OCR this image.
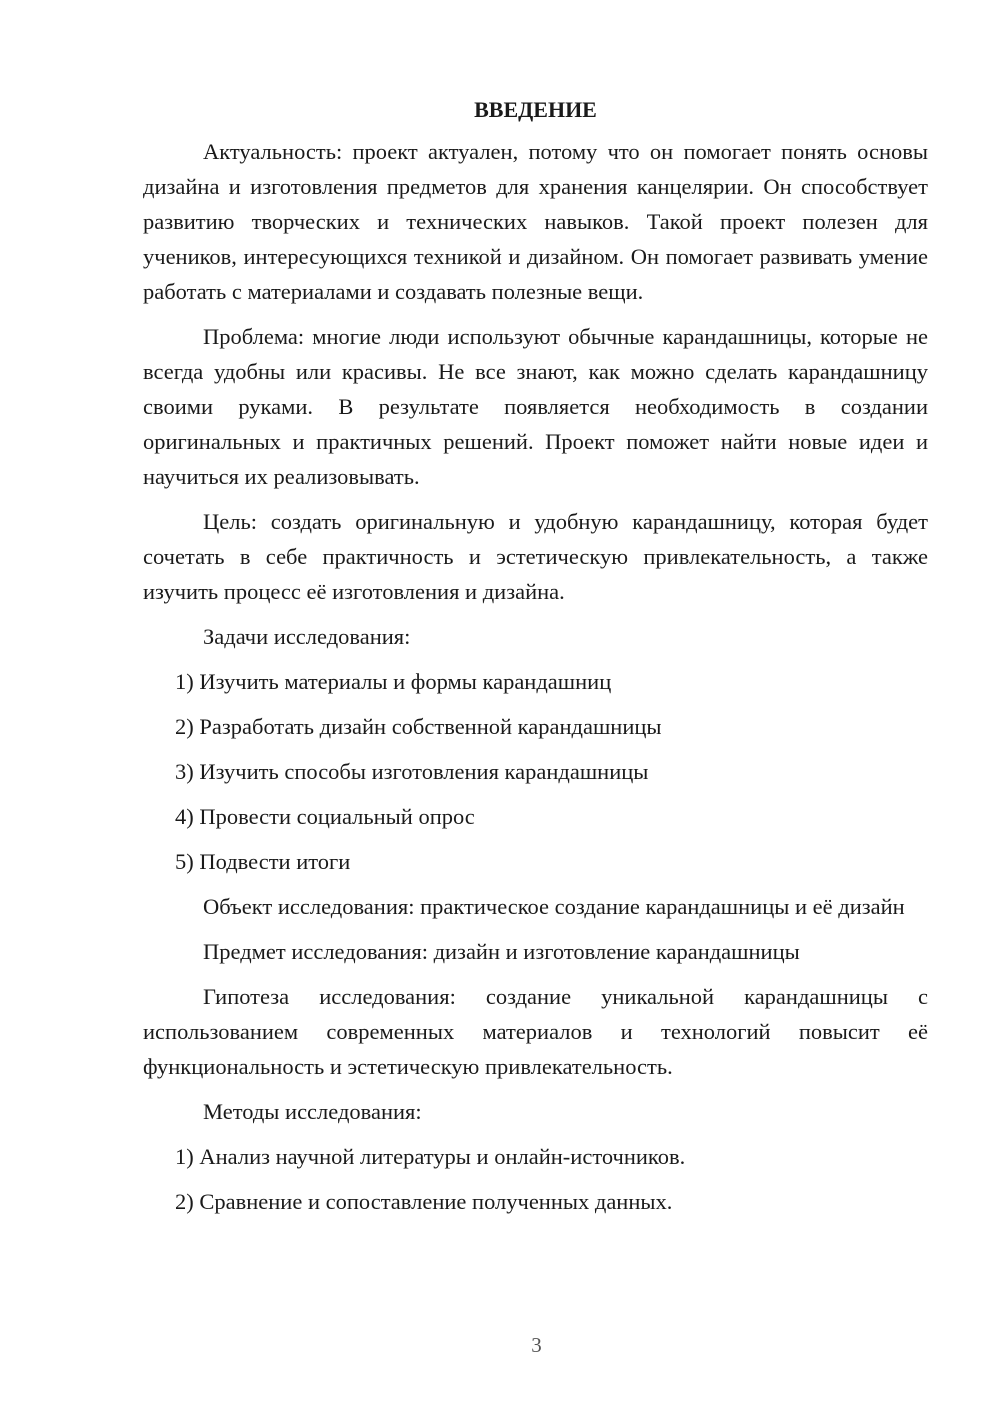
ВВЕДЕНИЕ

Актуальность: проект актуален, потому что он помогает понять основы дизайна и изготовления предметов для хранения канцелярии. Он способствует развитию творческих и технических навыков. Такой проект полезен для учеников, интересующихся техникой и дизайном. Он помогает развивать умение работать с материалами и создавать полезные вещи.

Проблема: многие люди используют обычные карандашницы, которые не всегда удобны или красивы. Не все знают, как можно сделать карандашницу своими руками. В результате появляется необходимость в создании оригинальных и практичных решений. Проект поможет найти новые идеи и научиться их реализовывать.

Цель: создать оригинальную и удобную карандашницу, которая будет сочетать в себе практичность и эстетическую привлекательность, а также изучить процесс её изготовления и дизайна.

Задачи исследования:

1) Изучить материалы и формы карандашниц

2) Разработать дизайн собственной карандашницы

3) Изучить способы изготовления карандашницы

4) Провести социальный опрос

5) Подвести итоги

Объект исследования: практическое создание карандашницы и её дизайн

Предмет исследования: дизайн и изготовление карандашницы

Гипотеза исследования: создание уникальной карандашницы с использованием современных материалов и технологий повысит её функциональность и эстетическую привлекательность.

Методы исследования:

1) Анализ научной литературы и онлайн-источников.

2) Сравнение и сопоставление полученных данных.

3
